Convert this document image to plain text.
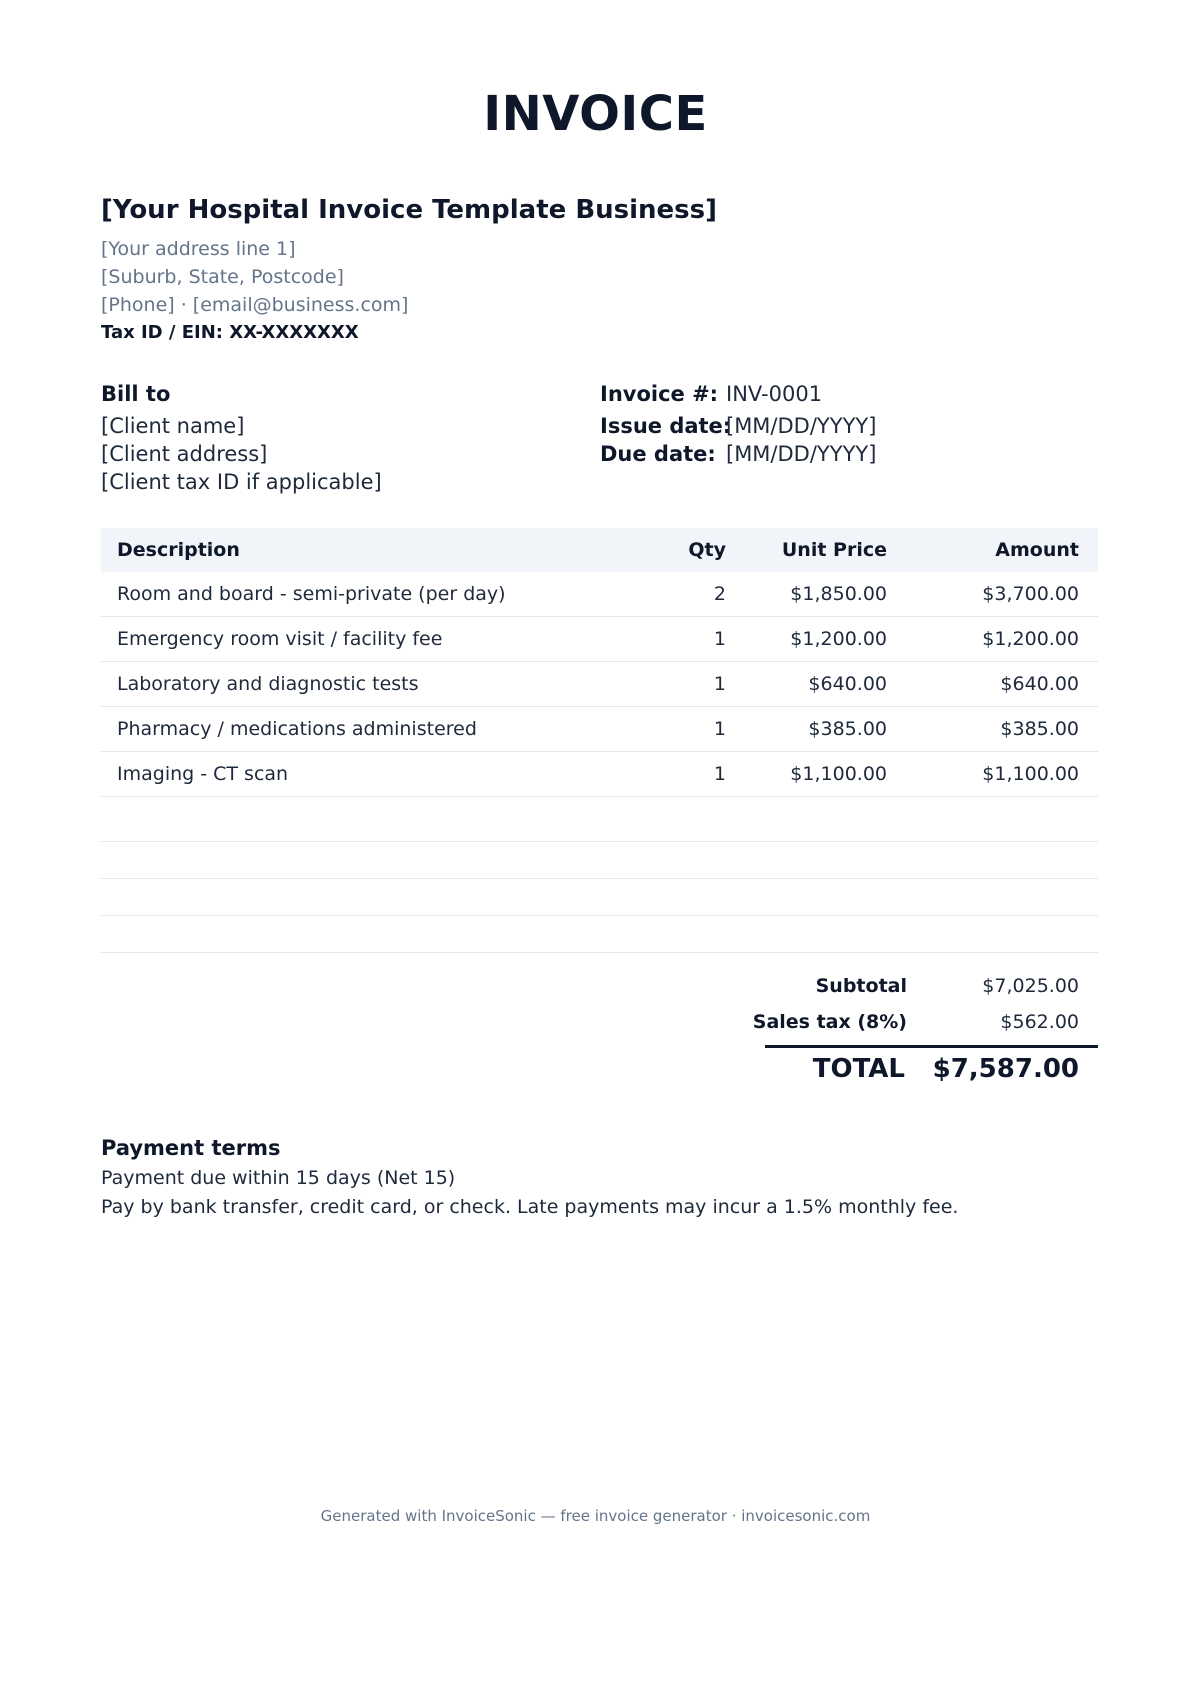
INVOICE
[Your Hospital Invoice Template Business]
[Your address line 1]
[Suburb, State, Postcode]
[Phone] · [email@business.com]
Tax ID / EIN: XX-XXXXXXX
Bill to
[Client name]
[Client address]
[Client tax ID if applicable]
Invoice #: INV-0001
Issue date:
[MM/DD/YYYY]
Due date: [MM/DD/YYYY]
Description	Qty	Unit Price	Amount
Room and board - semi-private (per day)	2	$1,850.00	$3,700.00
Emergency room visit / facility fee	1	$1,200.00	$1,200.00
Laboratory and diagnostic tests	1	$640.00	$640.00
Pharmacy / medications administered	1	$385.00	$385.00
Imaging - CT scan	1	$1,100.00	$1,100.00
Subtotal	$7,025.00
Sales tax (8%)	$562.00
TOTAL $7,587.00
Payment terms
Payment due within 15 days (Net 15)
Pay by bank transfer, credit card, or check. Late payments may incur a 1.5% monthly fee.
Generated with InvoiceSonic — free invoice generator · invoicesonic.com
